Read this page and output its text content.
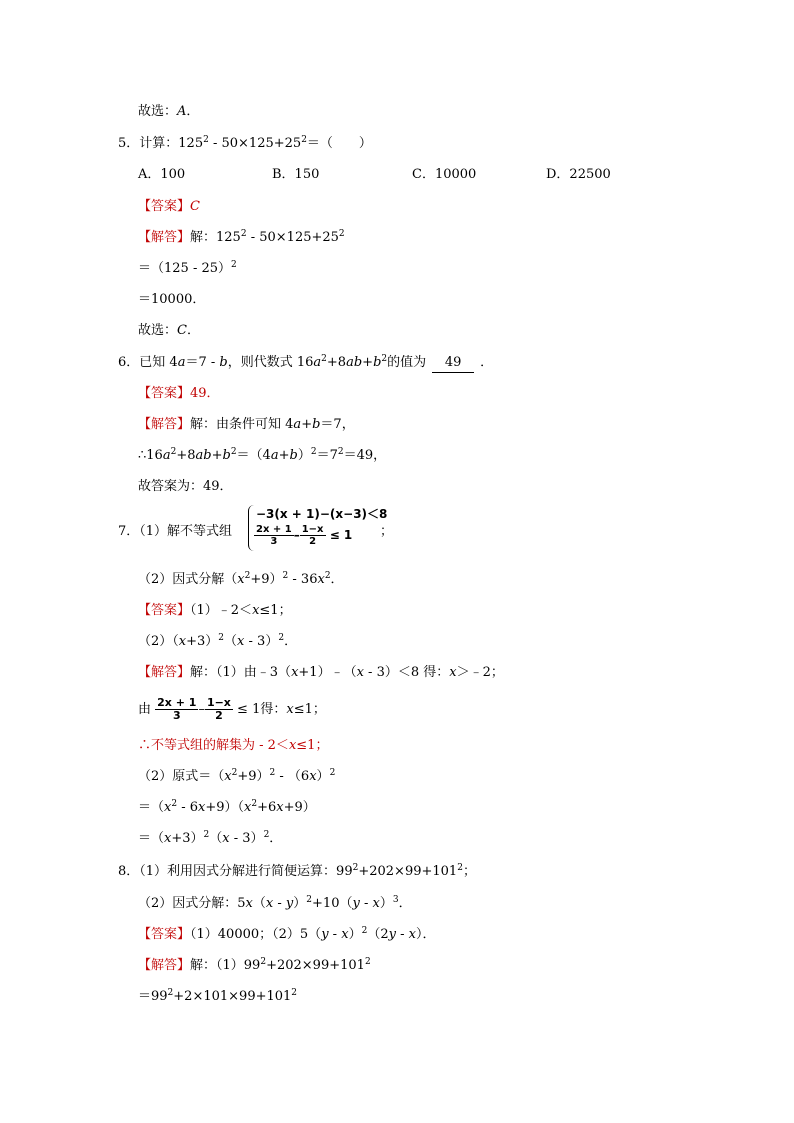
故选：A．
5．计算：$125^2 - 50\times 125+25^2=$（　　）
A．100	B．150	C．10000	D．22500
【答案】C
【解答】解：$125^2 - 50\times 125+25^2$
＝（125 - 25）$^2$
＝10000．
故选：C．
6．已知 4a＝7 - b，则代数式 $16a^2+8ab+b^2$的值为 49 ．
【答案】49．
【解答】解：由条件可知 4a+b＝7，
$\therefore 16a^2+8ab+b^2=(4a+b)^2=7^2=49$，
故答案为：49．
7．（1）解不等式组
−3(x + 1)−(x−3)＜8
$\frac{2x + 1}{3} - \frac{1-x}{2} \le 1$ ；
（2）因式分解$(x^2+9)^2 - 36x^2$．
【答案】（1）﹣2＜x≤1；
$(2)(x+3)^2(x - 3)^2$．
【解答】解：（1）由﹣3（x+1）﹣（x - 3）＜8 得：x＞﹣2；
由 $\frac{2x + 1}{3} - \frac{1-x}{2} \le 1$得：x≤1；
∴不等式组的解集为 - 2＜x≤1；
（2）原式$=(x^2+9)^2 - (6x)^2$
$=(x^2 - 6x+9)(x^2+6x+9)$
$=(x+3)^2(x - 3)^2$．
8．（1）利用因式分解进行简便运算：$99^2+202\times 99+101^2$；
（2）因式分解：5x（x - y）$^2$+10（y - x）$^3$．
【答案】（1）40000；（2）5（y - x）$^2$（2y - x）．
【解答】解：$(1)99^2+202\times 99+101^2$
$=99^2+2\times 101\times 99+101^2$
